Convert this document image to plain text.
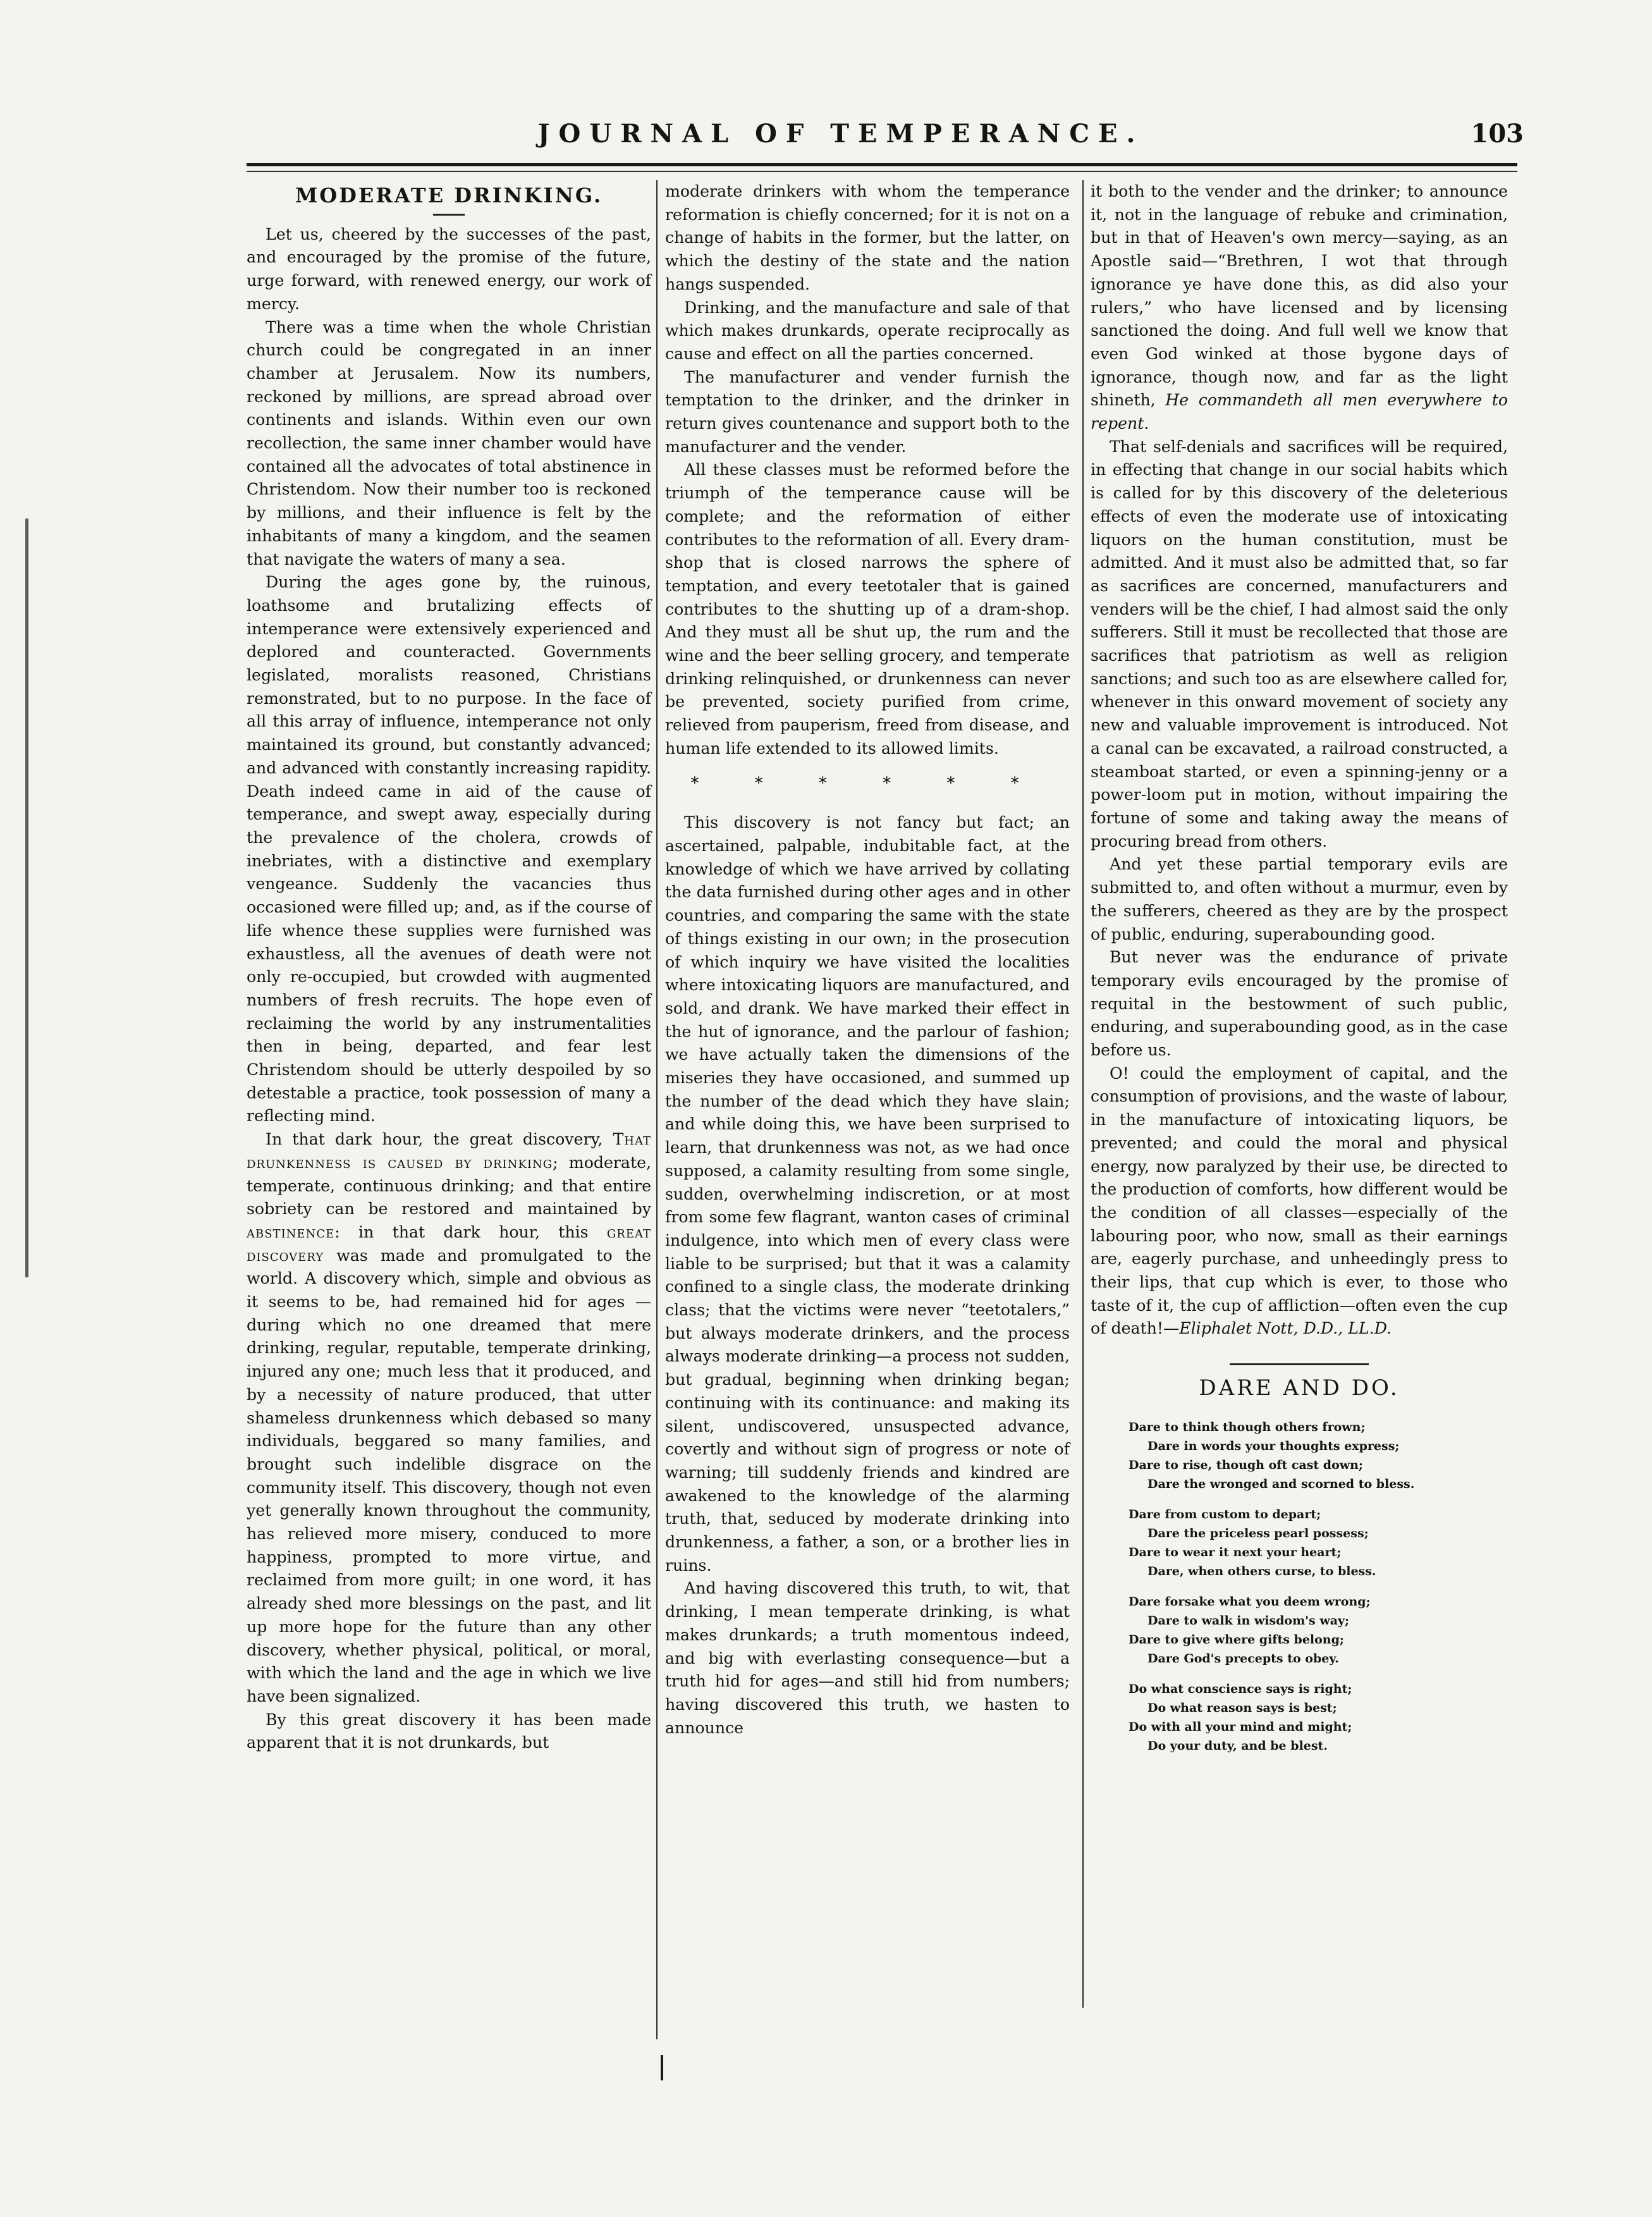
JOURNAL OF TEMPERANCE.	103
MODERATE DRINKING.

Let us, cheered by the successes of the past, and encouraged by the promise of the future, urge forward, with renewed energy, our work of mercy.

There was a time when the whole Christian church could be congregated in an inner chamber at Jerusalem. Now its numbers, reckoned by millions, are spread abroad over continents and islands. Within even our own recollection, the same inner chamber would have contained all the advocates of total abstinence in Christendom. Now their number too is reckoned by millions, and their influence is felt by the inhabitants of many a kingdom, and the seamen that navigate the waters of many a sea.

During the ages gone by, the ruinous, loathsome and brutalizing effects of intemperance were extensively experienced and deplored and counteracted. Governments legislated, moralists reasoned, Christians remonstrated, but to no purpose. In the face of all this array of influence, intemperance not only maintained its ground, but constantly advanced; and advanced with constantly increasing rapidity. Death indeed came in aid of the cause of temperance, and swept away, especially during the prevalence of the cholera, crowds of inebriates, with a distinctive and exemplary vengeance. Suddenly the vacancies thus occasioned were filled up; and, as if the course of life whence these supplies were furnished was exhaustless, all the avenues of death were not only re-occupied, but crowded with augmented numbers of fresh recruits. The hope even of reclaiming the world by any instrumentalities then in being, departed, and fear lest Christendom should be utterly despoiled by so detestable a practice, took possession of many a reflecting mind.

In that dark hour, the great discovery, That drunkenness is caused by drinking; moderate, temperate, continuous drinking; and that entire sobriety can be restored and maintained by abstinence: in that dark hour, this great discovery was made and promulgated to the world. A discovery which, simple and obvious as it seems to be, had remained hid for ages —during which no one dreamed that mere drinking, regular, reputable, temperate drinking, injured any one; much less that it produced, and by a necessity of nature produced, that utter shameless drunkenness which debased so many individuals, beggared so many families, and brought such indelible disgrace on the community itself. This discovery, though not even yet generally known throughout the community, has relieved more misery, conduced to more happiness, prompted to more virtue, and reclaimed from more guilt; in one word, it has already shed more blessings on the past, and lit up more hope for the future than any other discovery, whether physical, political, or moral, with which the land and the age in which we live have been signalized.

By this great discovery it has been made apparent that it is not drunkards, but

moderate drinkers with whom the temperance reformation is chiefly concerned; for it is not on a change of habits in the former, but the latter, on which the destiny of the state and the nation hangs suspended.

Drinking, and the manufacture and sale of that which makes drunkards, operate reciprocally as cause and effect on all the parties concerned.

The manufacturer and vender furnish the temptation to the drinker, and the drinker in return gives countenance and support both to the manufacturer and the vender.

All these classes must be reformed before the triumph of the temperance cause will be complete; and the reformation of either contributes to the reformation of all. Every dram-shop that is closed narrows the sphere of temptation, and every teetotaler that is gained contributes to the shutting up of a dram-shop. And they must all be shut up, the rum and the wine and the beer selling grocery, and temperate drinking relinquished, or drunkenness can never be prevented, society purified from crime, relieved from pauperism, freed from disease, and human life extended to its allowed limits.

* * * * * *

This discovery is not fancy but fact; an ascertained, palpable, indubitable fact, at the knowledge of which we have arrived by collating the data furnished during other ages and in other countries, and comparing the same with the state of things existing in our own; in the prosecution of which inquiry we have visited the localities where intoxicating liquors are manufactured, and sold, and drank. We have marked their effect in the hut of ignorance, and the parlour of fashion; we have actually taken the dimensions of the miseries they have occasioned, and summed up the number of the dead which they have slain; and while doing this, we have been surprised to learn, that drunkenness was not, as we had once supposed, a calamity resulting from some single, sudden, overwhelming indiscretion, or at most from some few flagrant, wanton cases of criminal indulgence, into which men of every class were liable to be surprised; but that it was a calamity confined to a single class, the moderate drinking class; that the victims were never “teetotalers,” but always moderate drinkers, and the process always moderate drinking—a process not sudden, but gradual, beginning when drinking began; continuing with its continuance: and making its silent, undiscovered, unsuspected advance, covertly and without sign of progress or note of warning; till suddenly friends and kindred are awakened to the knowledge of the alarming truth, that, seduced by moderate drinking into drunkenness, a father, a son, or a brother lies in ruins.

And having discovered this truth, to wit, that drinking, I mean temperate drinking, is what makes drunkards; a truth momentous indeed, and big with everlasting consequence—but a truth hid for ages—and still hid from numbers; having discovered this truth, we hasten to announce

it both to the vender and the drinker; to announce it, not in the language of rebuke and crimination, but in that of Heaven's own mercy—saying, as an Apostle said—“Brethren, I wot that through ignorance ye have done this, as did also your rulers,” who have licensed and by licensing sanctioned the doing. And full well we know that even God winked at those bygone days of ignorance, though now, and far as the light shineth, He commandeth all men everywhere to repent.

That self-denials and sacrifices will be required, in effecting that change in our social habits which is called for by this discovery of the deleterious effects of even the moderate use of intoxicating liquors on the human constitution, must be admitted. And it must also be admitted that, so far as sacrifices are concerned, manufacturers and venders will be the chief, I had almost said the only sufferers. Still it must be recollected that those are sacrifices that patriotism as well as religion sanctions; and such too as are elsewhere called for, whenever in this onward movement of society any new and valuable improvement is introduced. Not a canal can be excavated, a railroad constructed, a steamboat started, or even a spinning-jenny or a power-loom put in motion, without impairing the fortune of some and taking away the means of procuring bread from others.

And yet these partial temporary evils are submitted to, and often without a murmur, even by the sufferers, cheered as they are by the prospect of public, enduring, superabounding good.

But never was the endurance of private temporary evils encouraged by the promise of requital in the bestowment of such public, enduring, and superabounding good, as in the case before us.

O! could the employment of capital, and the consumption of provisions, and the waste of labour, in the manufacture of intoxicating liquors, be prevented; and could the moral and physical energy, now paralyzed by their use, be directed to the production of comforts, how different would be the condition of all classes—especially of the labouring poor, who now, small as their earnings are, eagerly purchase, and unheedingly press to their lips, that cup which is ever, to those who taste of it, the cup of affliction—often even the cup of death!—Eliphalet Nott, D.D., LL.D.

DARE AND DO.
Dare to think though others frown;
Dare in words your thoughts express;
Dare to rise, though oft cast down;
Dare the wronged and scorned to bless.
Dare from custom to depart;
Dare the priceless pearl possess;
Dare to wear it next your heart;
Dare, when others curse, to bless.
Dare forsake what you deem wrong;
Dare to walk in wisdom's way;
Dare to give where gifts belong;
Dare God's precepts to obey.
Do what conscience says is right;
Do what reason says is best;
Do with all your mind and might;
Do your duty, and be blest.
